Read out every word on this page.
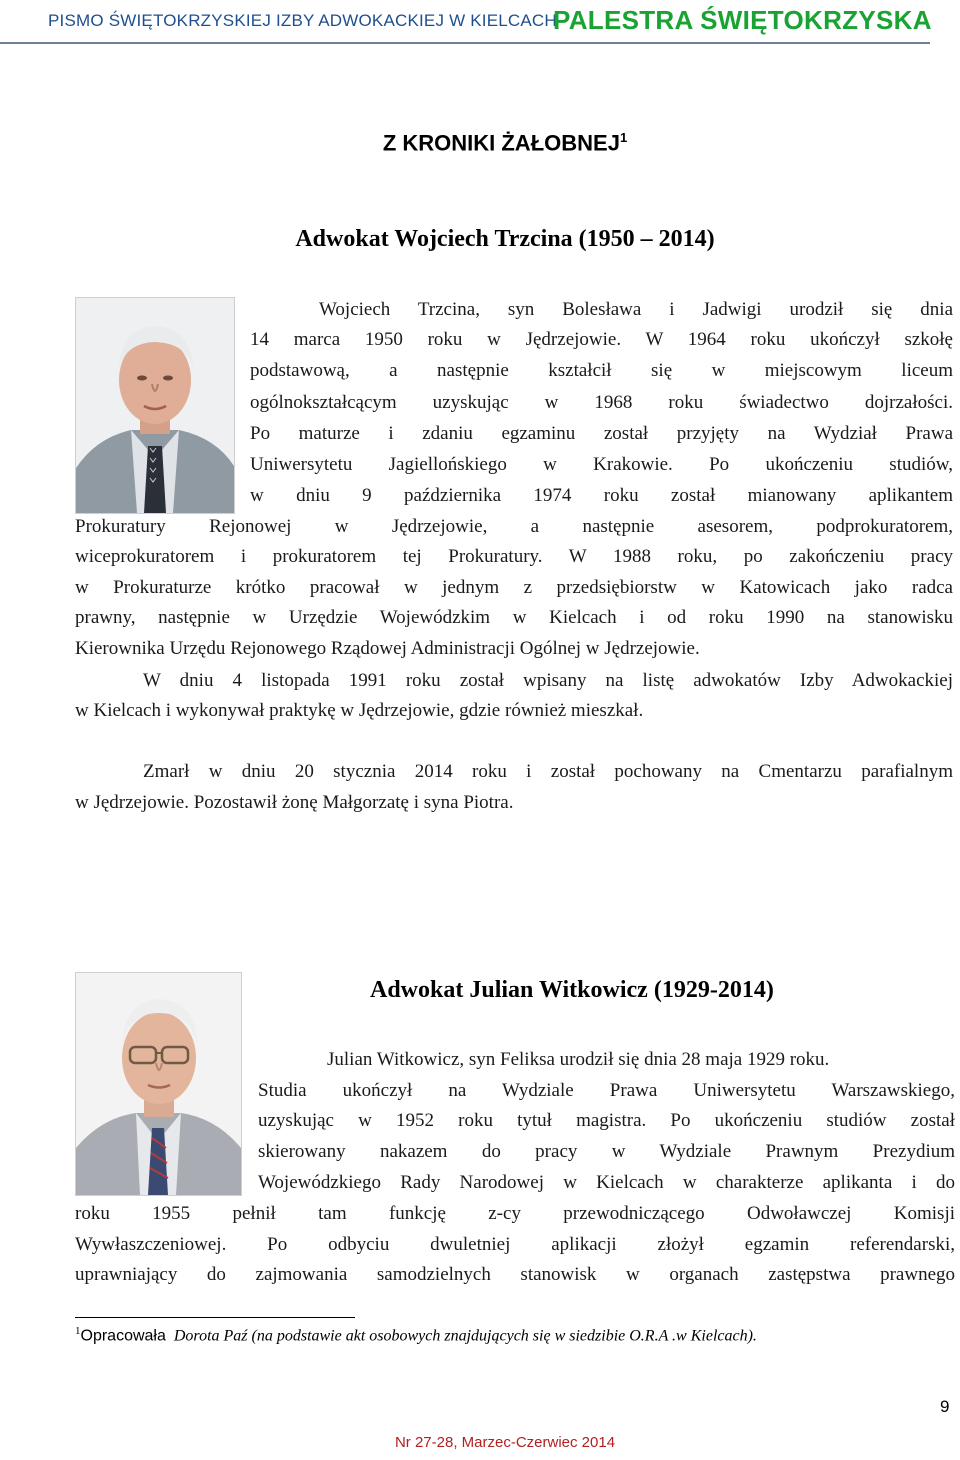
PISMO ŚWIĘTOKRZYSKIEJ IZBY ADWOKACKIEJ W KIELCACH
PALESTRA ŚWIĘTOKRZYSKA
Z KRONIKI ŻAŁOBNEJ$^1$
Adwokat Wojciech Trzcina (1950 – 2014)
Wojciech Trzcina, syn Bolesława i Jadwigi urodził się dnia
14 marca 1950 roku w Jędrzejowie. W 1964 roku ukończył szkołę
podstawową, a następnie kształcił się w miejscowym liceum
ogólnokształcącym uzyskując w 1968 roku świadectwo dojrzałości.
Po maturze i zdaniu egzaminu został przyjęty na Wydział Prawa
Uniwersytetu Jagiellońskiego w Krakowie. Po ukończeniu studiów,
w dniu 9 października 1974 roku został mianowany aplikantem
Prokuratury Rejonowej w Jędrzejowie, a następnie asesorem, podprokuratorem,
wiceprokuratorem i prokuratorem tej Prokuratury. W 1988 roku, po zakończeniu pracy
w Prokuraturze krótko pracował w jednym z przedsiębiorstw w Katowicach jako radca
prawny, następnie w Urzędzie Wojewódzkim w Kielcach i od roku 1990 na stanowisku
Kierownika Urzędu Rejonowego Rządowej Administracji Ogólnej w Jędrzejowie.
W dniu 4 listopada 1991 roku został wpisany na listę adwokatów Izby Adwokackiej
w Kielcach i wykonywał praktykę w Jędrzejowie, gdzie również mieszkał.
Zmarł w dniu 20 stycznia 2014 roku i został pochowany na Cmentarzu parafialnym
w Jędrzejowie. Pozostawił żonę Małgorzatę i syna Piotra.
Adwokat Julian Witkowicz (1929-2014)
Julian Witkowicz, syn Feliksa urodził się dnia 28 maja 1929 roku.
Studia ukończył na Wydziale Prawa Uniwersytetu Warszawskiego,
uzyskując w 1952 roku tytuł magistra. Po ukończeniu studiów został
skierowany nakazem do pracy w Wydziale Prawnym Prezydium
Wojewódzkiego Rady Narodowej w Kielcach w charakterze aplikanta i do
roku 1955 pełnił tam funkcję z-cy przewodniczącego Odwoławczej Komisji
Wywłaszczeniowej. Po odbyciu dwuletniej aplikacji złożył egzamin referendarski,
uprawniający do zajmowania samodzielnych stanowisk w organach zastępstwa prawnego
$^1$Opracowała Dorota Paź (na podstawie akt osobowych znajdujących się w siedzibie O.R.A .w Kielcach).
9
Nr 27-28, Marzec-Czerwiec 2014
